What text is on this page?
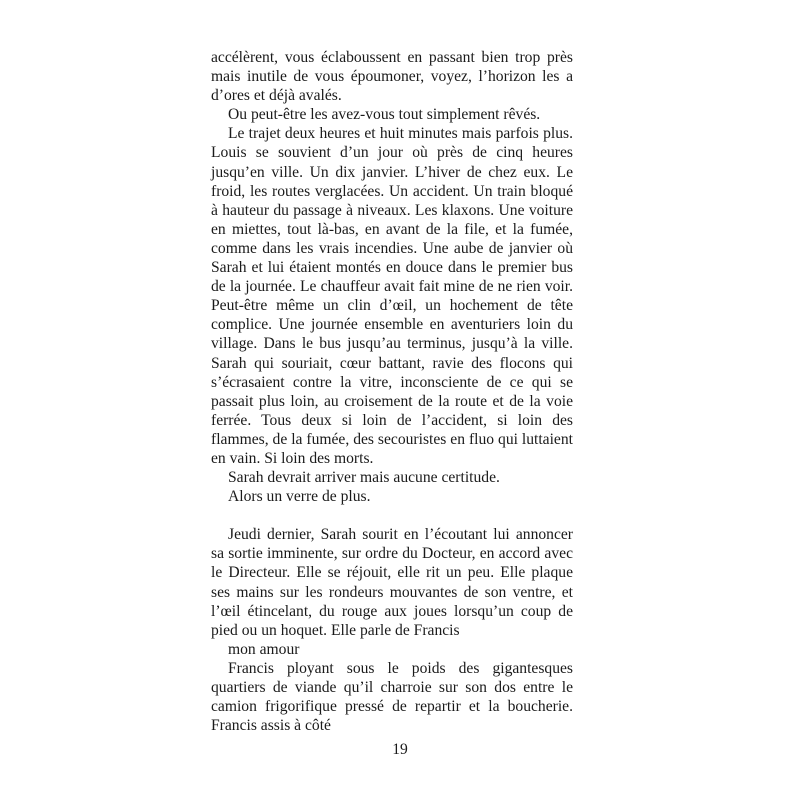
accélèrent, vous éclaboussent en passant bien trop près mais inutile de vous époumoner, voyez, l’horizon les a d’ores et déjà avalés.

Ou peut-être les avez-vous tout simplement rêvés.

Le trajet deux heures et huit minutes mais parfois plus. Louis se souvient d’un jour où près de cinq heures jusqu’en ville. Un dix janvier. L’hiver de chez eux. Le froid, les routes verglacées. Un accident. Un train bloqué à hauteur du passage à niveaux. Les klaxons. Une voiture en miettes, tout là-bas, en avant de la file, et la fumée, comme dans les vrais incendies. Une aube de janvier où Sarah et lui étaient montés en douce dans le premier bus de la journée. Le chauffeur avait fait mine de ne rien voir. Peut-être même un clin d’œil, un hochement de tête complice. Une journée ensemble en aventuriers loin du village. Dans le bus jusqu’au terminus, jusqu’à la ville. Sarah qui souriait, cœur battant, ravie des flocons qui s’écrasaient contre la vitre, inconsciente de ce qui se passait plus loin, au croisement de la route et de la voie ferrée. Tous deux si loin de l’accident, si loin des flammes, de la fumée, des secouristes en fluo qui luttaient en vain. Si loin des morts.

Sarah devrait arriver mais aucune certitude.

Alors un verre de plus.

Jeudi dernier, Sarah sourit en l’écoutant lui annoncer sa sortie imminente, sur ordre du Docteur, en accord avec le Directeur. Elle se réjouit, elle rit un peu. Elle plaque ses mains sur les rondeurs mouvantes de son ventre, et l’œil étincelant, du rouge aux joues lorsqu’un coup de pied ou un hoquet. Elle parle de Francis

mon amour

Francis ployant sous le poids des gigantesques quartiers de viande qu’il charroie sur son dos entre le camion frigorifique pressé de repartir et la boucherie. Francis assis à côté

19
